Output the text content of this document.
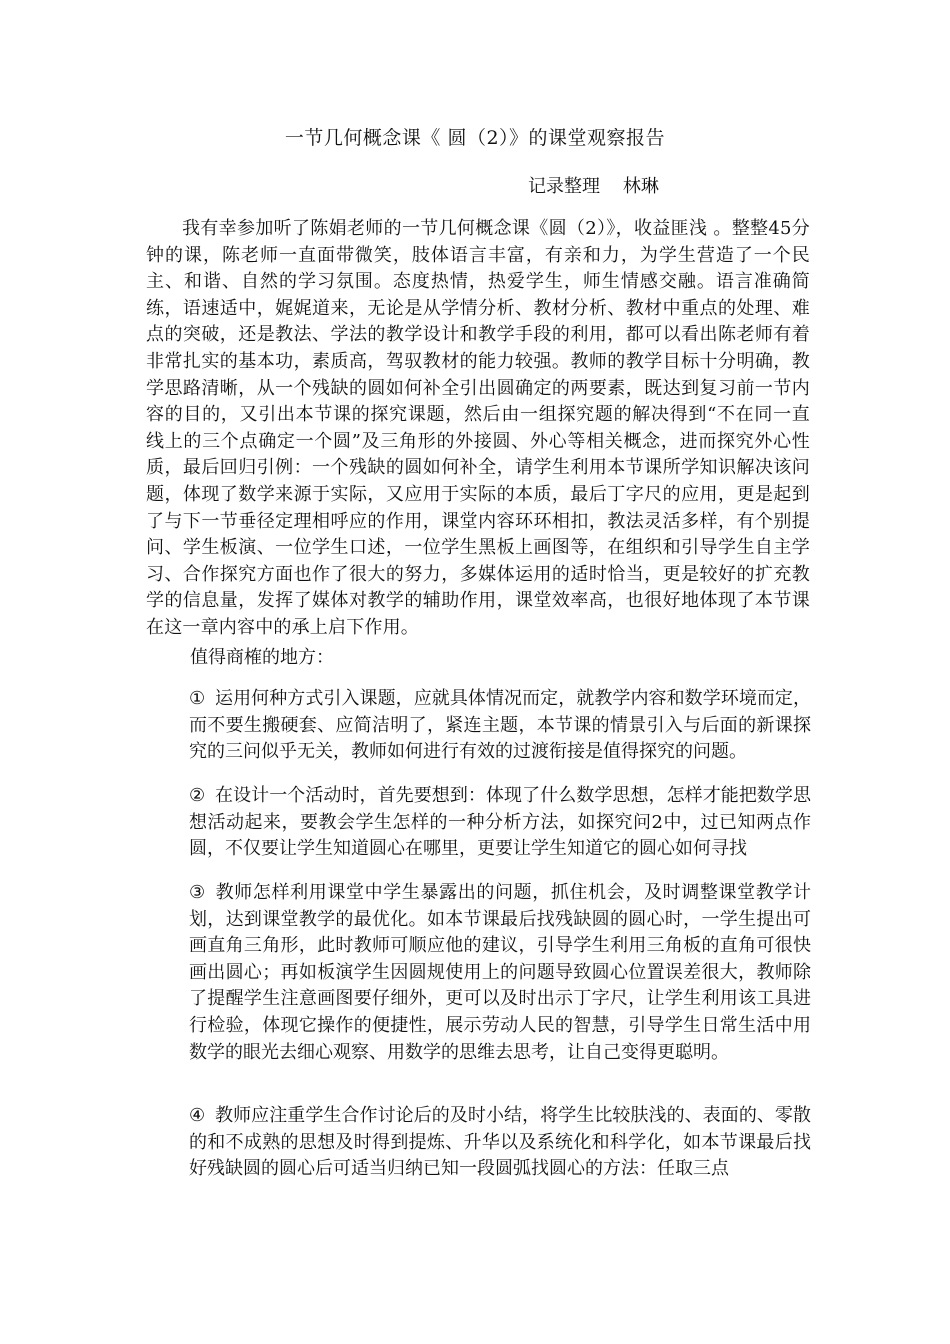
一节几何概念课《 圆（2）》的课堂观察报告
记录整理    林琳
我有幸参加听了陈娟老师的一节几何概念课《圆（2）》，收益匪浅 。整整45分钟的课，陈老师一直面带微笑，肢体语言丰富，有亲和力，为学生营造了一个民主、和谐、自然的学习氛围。态度热情，热爱学生，师生情感交融。语言准确简练，语速适中，娓娓道来，无论是从学情分析、教材分析、教材中重点的处理、难点的突破，还是教法、学法的教学设计和教学手段的利用，都可以看出陈老师有着非常扎实的基本功，素质高，驾驭教材的能力较强。教师的教学目标十分明确，教学思路清晰，从一个残缺的圆如何补全引出圆确定的两要素，既达到复习前一节内容的目的，又引出本节课的探究课题，然后由一组探究题的解决得到“不在同一直线上的三个点确定一个圆”及三角形的外接圆、外心等相关概念，进而探究外心性质，最后回归引例：一个残缺的圆如何补全，请学生利用本节课所学知识解决该问题，体现了数学来源于实际，又应用于实际的本质，最后丁字尺的应用，更是起到了与下一节垂径定理相呼应的作用，课堂内容环环相扣，教法灵活多样，有个别提问、学生板演、一位学生口述，一位学生黑板上画图等，在组织和引导学生自主学习、合作探究方面也作了很大的努力，多媒体运用的适时恰当，更是较好的扩充教学的信息量，发挥了媒体对教学的辅助作用，课堂效率高，也很好地体现了本节课在这一章内容中的承上启下作用。
值得商榷的地方：
① 运用何种方式引入课题，应就具体情况而定，就教学内容和数学环境而定，而不要生搬硬套、应简洁明了，紧连主题，本节课的情景引入与后面的新课探究的三问似乎无关，教师如何进行有效的过渡衔接是值得探究的问题。
② 在设计一个活动时，首先要想到：体现了什么数学思想，怎样才能把数学思想活动起来，要教会学生怎样的一种分析方法，如探究问2中，过已知两点作圆，不仅要让学生知道圆心在哪里，更要让学生知道它的圆心如何寻找
③ 教师怎样利用课堂中学生暴露出的问题，抓住机会，及时调整课堂教学计划，达到课堂教学的最优化。如本节课最后找残缺圆的圆心时，一学生提出可画直角三角形，此时教师可顺应他的建议，引导学生利用三角板的直角可很快画出圆心；再如板演学生因圆规使用上的问题导致圆心位置误差很大，教师除了提醒学生注意画图要仔细外，更可以及时出示丁字尺，让学生利用该工具进行检验，体现它操作的便捷性，展示劳动人民的智慧，引导学生日常生活中用数学的眼光去细心观察、用数学的思维去思考，让自己变得更聪明。
④ 教师应注重学生合作讨论后的及时小结，将学生比较肤浅的、表面的、零散的和不成熟的思想及时得到提炼、升华以及系统化和科学化，如本节课最后找好残缺圆的圆心后可适当归纳已知一段圆弧找圆心的方法：任取三点
